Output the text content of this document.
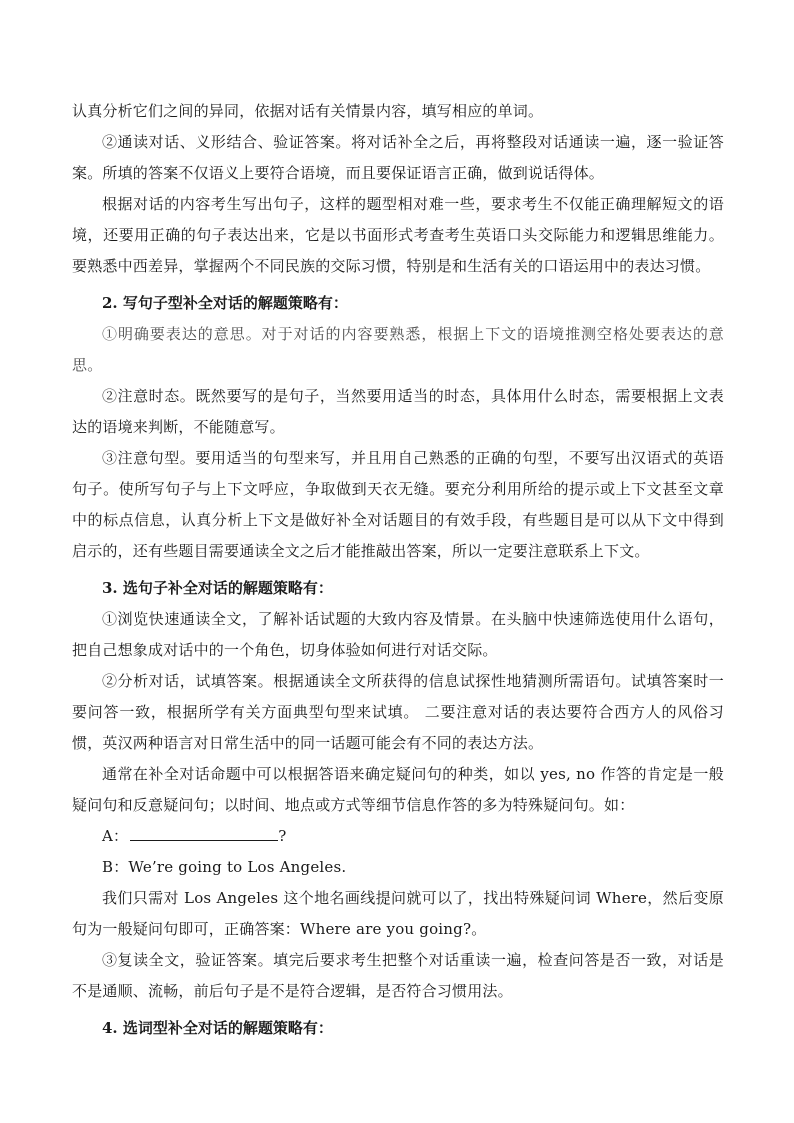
认真分析它们之间的异同，依据对话有关情景内容，填写相应的单词。

②通读对话、义形结合、验证答案。将对话补全之后，再将整段对话通读一遍，逐一验证答案。所填的答案不仅语义上要符合语境，而且要保证语言正确，做到说话得体。

根据对话的内容考生写出句子，这样的题型相对难一些，要求考生不仅能正确理解短文的语境，还要用正确的句子表达出来，它是以书面形式考查考生英语口头交际能力和逻辑思维能力。要熟悉中西差异，掌握两个不同民族的交际习惯，特别是和生活有关的口语运用中的表达习惯。

2. 写句子型补全对话的解题策略有：

①明确要表达的意思。对于对话的内容要熟悉，根据上下文的语境推测空格处要表达的意思。

②注意时态。既然要写的是句子，当然要用适当的时态，具体用什么时态，需要根据上文表达的语境来判断，不能随意写。

③注意句型。要用适当的句型来写，并且用自己熟悉的正确的句型，不要写出汉语式的英语句子。使所写句子与上下文呼应，争取做到天衣无缝。要充分利用所给的提示或上下文甚至文章中的标点信息，认真分析上下文是做好补全对话题目的有效手段，有些题目是可以从下文中得到启示的，还有些题目需要通读全文之后才能推敲出答案，所以一定要注意联系上下文。

3. 选句子补全对话的解题策略有：

①浏览快速通读全文，了解补话试题的大致内容及情景。在头脑中快速筛选使用什么语句，把自己想象成对话中的一个角色，切身体验如何进行对话交际。

②分析对话，试填答案。根据通读全文所获得的信息试探性地猜测所需语句。试填答案时一要问答一致，根据所学有关方面典型句型来试填。 二要注意对话的表达要符合西方人的风俗习惯，英汉两种语言对日常生活中的同一话题可能会有不同的表达方法。

通常在补全对话命题中可以根据答语来确定疑问句的种类，如以 yes, no 作答的肯定是一般疑问句和反意疑问句；以时间、地点或方式等细节信息作答的多为特殊疑问句。如：

A：	?

B：We’re going to Los Angeles.

我们只需对 Los Angeles 这个地名画线提问就可以了，找出特殊疑问词 Where，然后变原句为一般疑问句即可，正确答案：Where are you going?。

③复读全文，验证答案。填完后要求考生把整个对话重读一遍，检查问答是否一致，对话是不是通顺、流畅，前后句子是不是符合逻辑，是否符合习惯用法。

4. 选词型补全对话的解题策略有：
